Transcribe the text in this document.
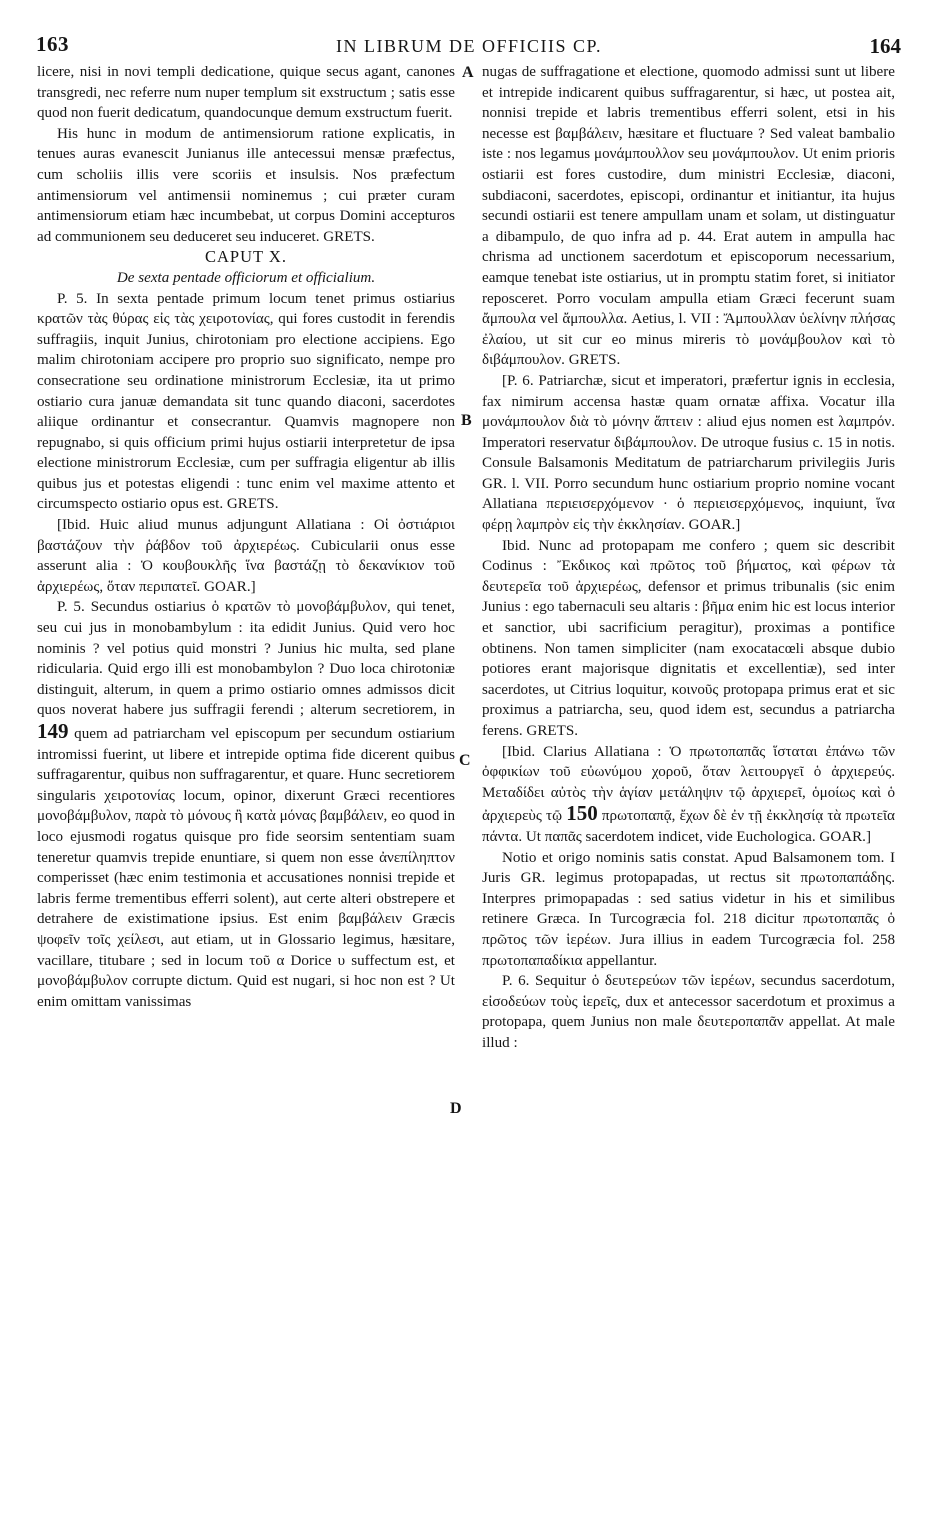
163	IN LIBRUM DE OFFICIIS CP.	164

licere, nisi in novi templi dedicatione, quique secus agant, canones transgredi, nec referre num nuper templum sit exstructum ; satis esse quod non fuerit dedicatum, quandocunque demum exstructum fuerit.

His hunc in modum de antimensiorum ratione explicatis, in tenues auras evanescit Junianus ille antecessui mensæ præfectus, cum scholiis illis vere scoriis et insulsis. Nos præfectum antimensiorum vel antimensii nominemus ; cui præter curam antimensiorum etiam hæc incumbebat, ut corpus Domini accepturos ad communionem seu deduceret seu induceret. GRETS.

CAPUT X.

De sexta pentade officiorum et officialium.

P. 5. In sexta pentade primum locum tenet primus ostiarius κρατῶν τὰς θύρας εἰς τὰς χειροτονίας, qui fores custodit in ferendis suffragiis, inquit Junius, chirotoniam pro electione accipiens. Ego malim chirotoniam accipere pro proprio suo significato, nempe pro consecratione seu ordinatione ministrorum Ecclesiæ, ita ut primo ostiario cura januæ demandata sit tunc quando diaconi, sacerdotes aliique ordinantur et consecrantur. Quamvis magnopere non repugnabo, si quis officium primi hujus ostiarii interpretetur de ipsa electione ministrorum Ecclesiæ, cum per suffragia eligentur ab illis quibus jus et potestas eligendi : tunc enim vel maxime attento et circumspecto ostiario opus est. GRETS.

[Ibid. Huic aliud munus adjungunt Allatiana : Οἱ ὀστιάριοι βαστάζουν τὴν ῥάβδον τοῦ ἀρχιερέως. Cubicularii onus esse asserunt alia : Ὁ κουβουκλῆς ἵνα βαστάζῃ τὸ δεκανίκιον τοῦ ἀρχιερέως, ὅταν περιπατεῖ. GOAR.]

P. 5. Secundus ostiarius ὁ κρατῶν τὸ μονοβάμβυλον, qui tenet, seu cui jus in monobambylum : ita edidit Junius. Quid vero hoc nominis ? vel potius quid monstri ? Junius hic multa, sed plane ridicularia. Quid ergo illi est monobambylon ? Duo loca chirotoniæ distinguit, alterum, in quem a primo ostiario omnes admissos dicit quos noverat habere jus suffragii ferendi ; alterum secretiorem, in 149 quem ad patriarcham vel episcopum per secundum ostiarium intromissi fuerint, ut libere et intrepide optima fide dicerent quibus suffragarentur, quibus non suffragarentur, et quare. Hunc secretiorem singularis χειροτονίας locum, opinor, dixerunt Græci recentiores μονοβάμβυλον, παρὰ τὸ μόνους ἢ κατὰ μόνας βαμβάλειν, eo quod in loco ejusmodi rogatus quisque pro fide seorsim sententiam suam teneretur quamvis trepide enuntiare, si quem non esse ἀνεπίληπτον comperisset (hæc enim testimonia et accusationes nonnisi trepide et labris ferme trementibus efferri solent), aut certe alteri obstrepere et detrahere de existimatione ipsius. Est enim βαμβάλειν Græcis ψοφεῖν τοῖς χείλεσι, aut etiam, ut in Glossario legimus, hæsitare, vacillare, titubare ; sed in locum τοῦ α Dorice υ suffectum est, et μονοβάμβυλον corrupte dictum. Quid est nugari, si hoc non est ? Ut enim omittam vanissimas

A
B
C
D

nugas de suffragatione et electione, quomodo admissi sunt ut libere et intrepide indicarent quibus suffragarentur, si hæc, ut postea ait, nonnisi trepide et labris trementibus efferri solent, etsi in his necesse est βαμβάλειν, hæsitare et fluctuare ? Sed valeat bambalio iste : nos legamus μονάμπουλλον seu μονάμπουλον. Ut enim prioris ostiarii est fores custodire, dum ministri Ecclesiæ, diaconi, subdiaconi, sacerdotes, episcopi, ordinantur et initiantur, ita hujus secundi ostiarii est tenere ampullam unam et solam, ut distinguatur a dibampulo, de quo infra ad p. 44. Erat autem in ampulla hac chrisma ad unctionem sacerdotum et episcoporum necessarium, eamque tenebat iste ostiarius, ut in promptu statim foret, si initiator reposceret. Porro voculam ampulla etiam Græci fecerunt suam ἄμπουλα vel ἄμπουλλα. Aetius, l. VII : Ἄμπουλλαν ὑελίνην πλήσας ἐλαίου, ut sit cur eo minus mireris τὸ μονάμβουλον καὶ τὸ διβάμπουλον. GRETS.

[P. 6. Patriarchæ, sicut et imperatori, præfertur ignis in ecclesia, fax nimirum accensa hastæ quam ornatæ affixa. Vocatur illa μονάμπουλον διὰ τὸ μόνην ἅπτειν : aliud ejus nomen est λαμπρόν. Imperatori reservatur διβάμπουλον. De utroque fusius c. 15 in notis. Consule Balsamonis Meditatum de patriarcharum privilegiis Juris GR. l. VII. Porro secundum hunc ostiarium proprio nomine vocant Allatiana περιεισερχόμενον · ὁ περιεισερχόμενος, inquiunt, ἵνα φέρῃ λαμπρὸν εἰς τὴν ἐκκλησίαν. GOAR.]

Ibid. Nunc ad protopapam me confero ; quem sic describit Codinus : Ἔκδικος καὶ πρῶτος τοῦ βήματος, καὶ φέρων τὰ δευτερεῖα τοῦ ἀρχιερέως, defensor et primus tribunalis (sic enim Junius : ego tabernaculi seu altaris : βῆμα enim hic est locus interior et sanctior, ubi sacrificium peragitur), proximas a pontifice obtinens. Non tamen simpliciter (nam exocatacœli absque dubio potiores erant majorisque dignitatis et excellentiæ), sed inter sacerdotes, ut Citrius loquitur, κοινοῦς protopapa primus erat et sic proximus a patriarcha, seu, quod idem est, secundus a patriarcha ferens. GRETS.

[Ibid. Clarius Allatiana : Ὁ πρωτοπαπᾶς ἵσταται ἐπάνω τῶν ὀφφικίων τοῦ εὐωνύμου χοροῦ, ὅταν λειτουργεῖ ὁ ἀρχιερεύς. Μεταδίδει αὐτὸς τὴν ἁγίαν μετάληψιν τῷ ἀρχιερεῖ, ὁμοίως καὶ ὁ ἀρχιερεὺς τῷ 150 πρωτοπαπᾷ, ἔχων δὲ ἐν τῇ ἐκκλησίᾳ τὰ πρωτεῖα πάντα. Ut παπᾶς sacerdotem indicet, vide Euchologica. GOAR.]

Notio et origo nominis satis constat. Apud Balsamonem tom. I Juris GR. legimus protopapadas, ut rectus sit πρωτοπαπάδης. Interpres primopapadas : sed satius videtur in his et similibus retinere Græca. In Turcogræcia fol. 218 dicitur πρωτοπαπᾶς ὁ πρῶτος τῶν ἱερέων. Jura illius in eadem Turcogræcia fol. 258 πρωτοπαπαδίκια appellantur.

P. 6. Sequitur ὁ δευτερεύων τῶν ἱερέων, secundus sacerdotum, εἰσοδεύων τοὺς ἱερεῖς, dux et antecessor sacerdotum et proximus a protopapa, quem Junius non male δευτεροπαπᾶν appellat. At male illud :
